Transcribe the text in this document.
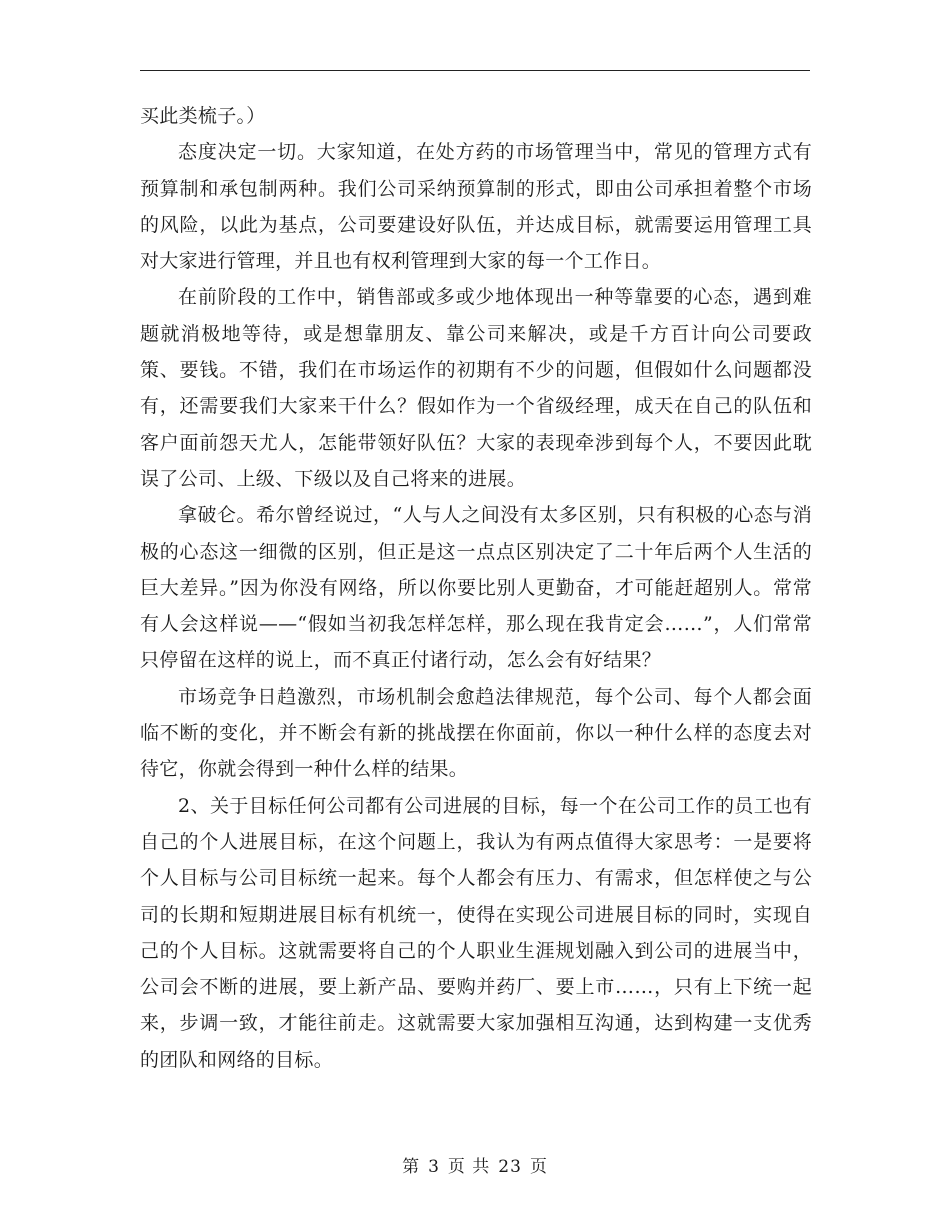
买此类梳子。）

态度决定一切。大家知道，在处方药的市场管理当中，常见的管理方式有预算制和承包制两种。我们公司采纳预算制的形式，即由公司承担着整个市场的风险，以此为基点，公司要建设好队伍，并达成目标，就需要运用管理工具对大家进行管理，并且也有权利管理到大家的每一个工作日。

在前阶段的工作中，销售部或多或少地体现出一种等靠要的心态，遇到难题就消极地等待，或是想靠朋友、靠公司来解决，或是千方百计向公司要政策、要钱。不错，我们在市场运作的初期有不少的问题，但假如什么问题都没有，还需要我们大家来干什么？假如作为一个省级经理，成天在自己的队伍和客户面前怨天尤人，怎能带领好队伍？大家的表现牵涉到每个人，不要因此耽误了公司、上级、下级以及自己将来的进展。

拿破仑。希尔曾经说过，“人与人之间没有太多区别，只有积极的心态与消极的心态这一细微的区别，但正是这一点点区别决定了二十年后两个人生活的巨大差异。”因为你没有网络，所以你要比别人更勤奋，才可能赶超别人。常常有人会这样说——“假如当初我怎样怎样，那么现在我肯定会……”，人们常常只停留在这样的说上，而不真正付诸行动，怎么会有好结果？

市场竞争日趋激烈，市场机制会愈趋法律规范，每个公司、每个人都会面临不断的变化，并不断会有新的挑战摆在你面前，你以一种什么样的态度去对待它，你就会得到一种什么样的结果。

2、关于目标任何公司都有公司进展的目标，每一个在公司工作的员工也有自己的个人进展目标，在这个问题上，我认为有两点值得大家思考：一是要将个人目标与公司目标统一起来。每个人都会有压力、有需求，但怎样使之与公司的长期和短期进展目标有机统一，使得在实现公司进展目标的同时，实现自己的个人目标。这就需要将自己的个人职业生涯规划融入到公司的进展当中，公司会不断的进展，要上新产品、要购并药厂、要上市……，只有上下统一起来，步调一致，才能往前走。这就需要大家加强相互沟通，达到构建一支优秀的团队和网络的目标。

第 3 页 共 23 页
